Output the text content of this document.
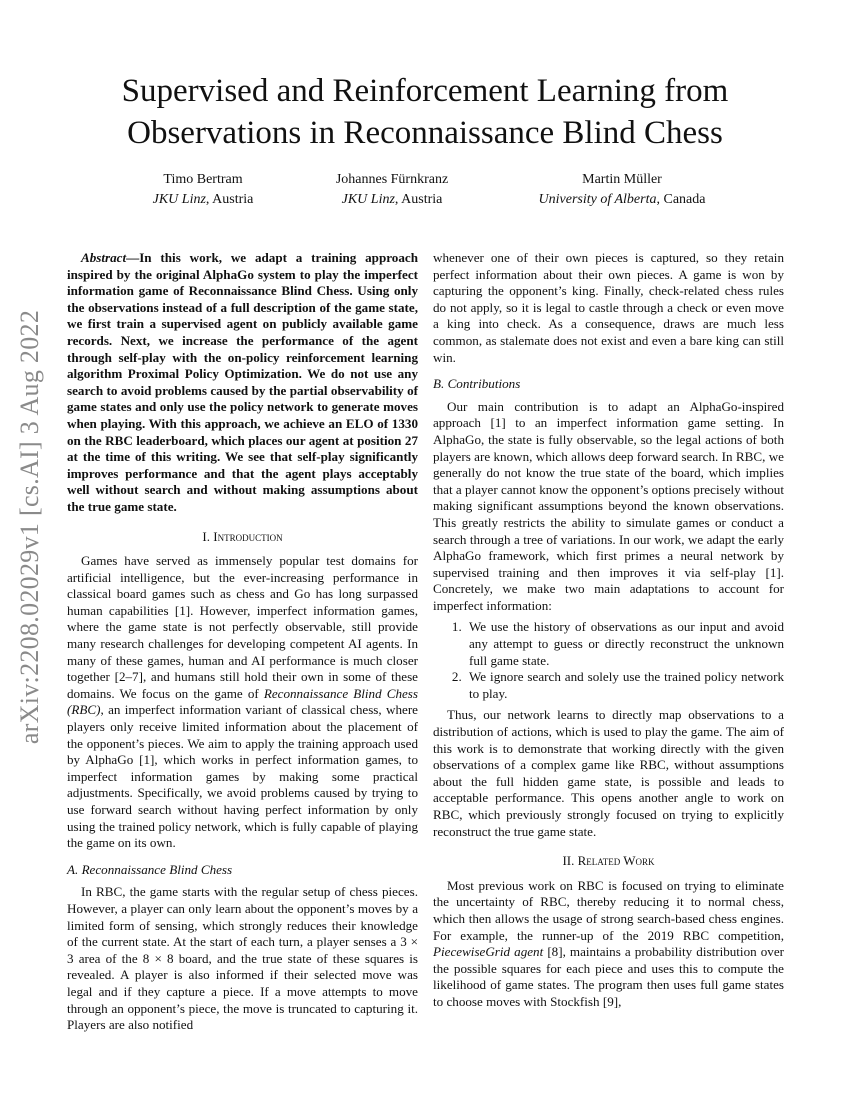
arXiv:2208.02029v1 [cs.AI] 3 Aug 2022
Supervised and Reinforcement Learning from
Observations in Reconnaissance Blind Chess
Timo Bertram
JKU Linz, Austria
Johannes Fürnkranz
JKU Linz, Austria
Martin Müller
University of Alberta, Canada

Abstract—In this work, we adapt a training approach inspired by the original AlphaGo system to play the imperfect information game of Reconnaissance Blind Chess. Using only the observations instead of a full description of the game state, we first train a supervised agent on publicly available game records. Next, we increase the performance of the agent through self-play with the on-policy reinforcement learning algorithm Proximal Policy Optimization. We do not use any search to avoid problems caused by the partial observability of game states and only use the policy network to generate moves when playing. With this approach, we achieve an ELO of 1330 on the RBC leaderboard, which places our agent at position 27 at the time of this writing. We see that self-play significantly improves performance and that the agent plays acceptably well without search and without making assumptions about the true game state.

I. Introduction

Games have served as immensely popular test domains for artificial intelligence, but the ever-increasing performance in classical board games such as chess and Go has long surpassed human capabilities [1]. However, imperfect information games, where the game state is not perfectly observable, still provide many research challenges for developing competent AI agents. In many of these games, human and AI performance is much closer together [2–7], and humans still hold their own in some of these domains. We focus on the game of Reconnaissance Blind Chess (RBC), an imperfect information variant of classical chess, where players only receive limited information about the placement of the opponent’s pieces. We aim to apply the training approach used by AlphaGo [1], which works in perfect information games, to imperfect information games by making some practical adjustments. Specifically, we avoid problems caused by trying to use forward search without having perfect information by only using the trained policy network, which is fully capable of playing the game on its own.

A. Reconnaissance Blind Chess

In RBC, the game starts with the regular setup of chess pieces. However, a player can only learn about the opponent’s moves by a limited form of sensing, which strongly reduces their knowledge of the current state. At the start of each turn, a player senses a 3 × 3 area of the 8 × 8 board, and the true state of these squares is revealed. A player is also informed if their selected move was legal and if they capture a piece. If a move attempts to move through an opponent’s piece, the move is truncated to capturing it. Players are also notified

whenever one of their own pieces is captured, so they retain perfect information about their own pieces. A game is won by capturing the opponent’s king. Finally, check-related chess rules do not apply, so it is legal to castle through a check or even move a king into check. As a consequence, draws are much less common, as stalemate does not exist and even a bare king can still win.

B. Contributions

Our main contribution is to adapt an AlphaGo-inspired approach [1] to an imperfect information game setting. In AlphaGo, the state is fully observable, so the legal actions of both players are known, which allows deep forward search. In RBC, we generally do not know the true state of the board, which implies that a player cannot know the opponent’s options precisely without making significant assumptions beyond the known observations. This greatly restricts the ability to simulate games or conduct a search through a tree of variations. In our work, we adapt the early AlphaGo framework, which first primes a neural network by supervised training and then improves it via self-play [1]. Concretely, we make two main adaptations to account for imperfect information:

1. We use the history of observations as our input and avoid any attempt to guess or directly reconstruct the unknown full game state.
2. We ignore search and solely use the trained policy network to play.

Thus, our network learns to directly map observations to a distribution of actions, which is used to play the game. The aim of this work is to demonstrate that working directly with the given observations of a complex game like RBC, without assumptions about the full hidden game state, is possible and leads to acceptable performance. This opens another angle to work on RBC, which previously strongly focused on trying to explicitly reconstruct the true game state.

II. Related Work

Most previous work on RBC is focused on trying to eliminate the uncertainty of RBC, thereby reducing it to normal chess, which then allows the usage of strong search-based chess engines. For example, the runner-up of the 2019 RBC competition, PiecewiseGrid agent [8], maintains a probability distribution over the possible squares for each piece and uses this to compute the likelihood of game states. The program then uses full game states to choose moves with Stockfish [9],
